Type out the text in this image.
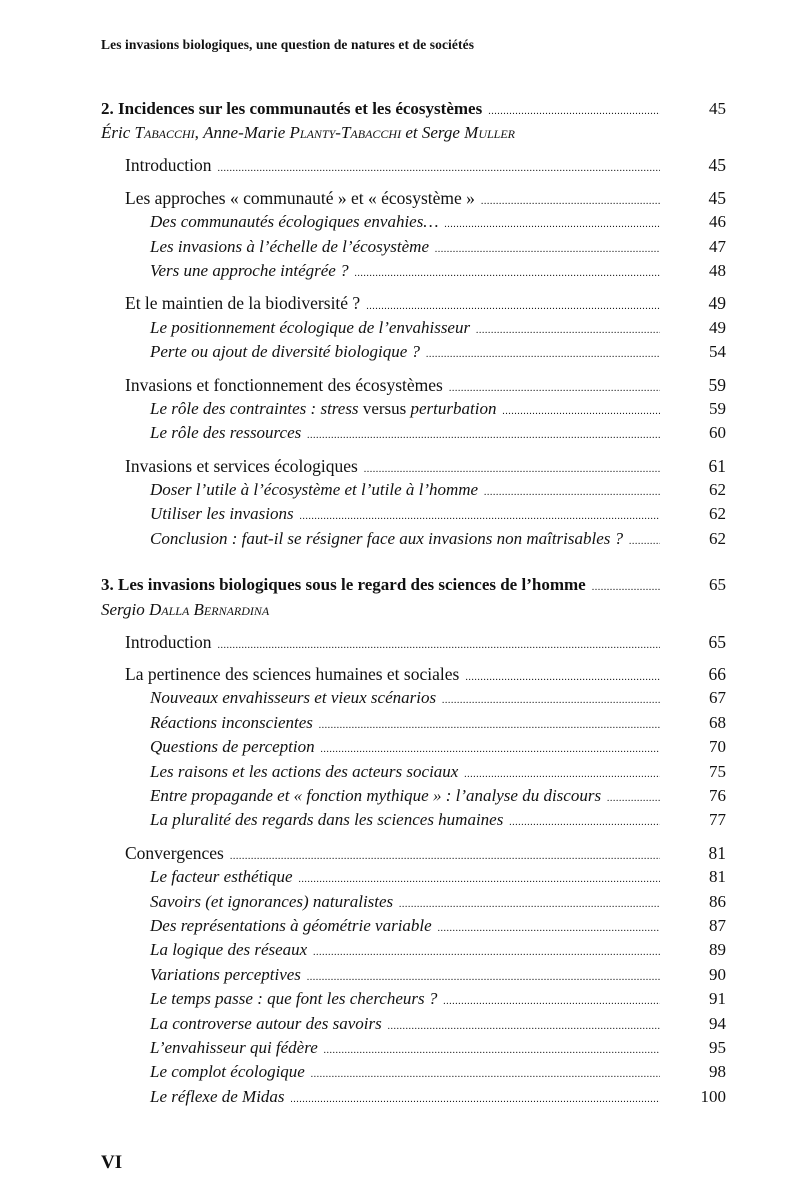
Les invasions biologiques, une question de natures et de sociétés
2. Incidences sur les communautés et les écosystèmes .....	45
Éric Tabacchi, Anne-Marie Planty-Tabacchi et Serge Muller
Introduction .....	45
Les approches « communauté » et « écosystème » .....	45
Des communautés écologiques envahies… .....	46
Les invasions à l’échelle de l’écosystème .....	47
Vers une approche intégrée ? .....	48
Et le maintien de la biodiversité ? .....	49
Le positionnement écologique de l’envahisseur .....	49
Perte ou ajout de diversité biologique ? .....	54
Invasions et fonctionnement des écosystèmes .....	59
Le rôle des contraintes : stress versus perturbation .....	59
Le rôle des ressources .....	60
Invasions et services écologiques .....	61
Doser l’utile à l’écosystème et l’utile à l’homme .....	62
Utiliser les invasions .....	62
Conclusion : faut-il se résigner face aux invasions non maîtrisables ? .....	62
3. Les invasions biologiques sous le regard des sciences de l’homme .....	65
Sergio Dalla Bernardina
Introduction .....	65
La pertinence des sciences humaines et sociales .....	66
Nouveaux envahisseurs et vieux scénarios .....	67
Réactions inconscientes .....	68
Questions de perception .....	70
Les raisons et les actions des acteurs sociaux .....	75
Entre propagande et « fonction mythique » : l’analyse du discours .....	76
La pluralité des regards dans les sciences humaines .....	77
Convergences .....	81
Le facteur esthétique .....	81
Savoirs (et ignorances) naturalistes .....	86
Des représentations à géométrie variable .....	87
La logique des réseaux .....	89
Variations perceptives .....	90
Le temps passe : que font les chercheurs ? .....	91
La controverse autour des savoirs .....	94
L’envahisseur qui fédère .....	95
Le complot écologique .....	98
Le réflexe de Midas .....	100
VI
